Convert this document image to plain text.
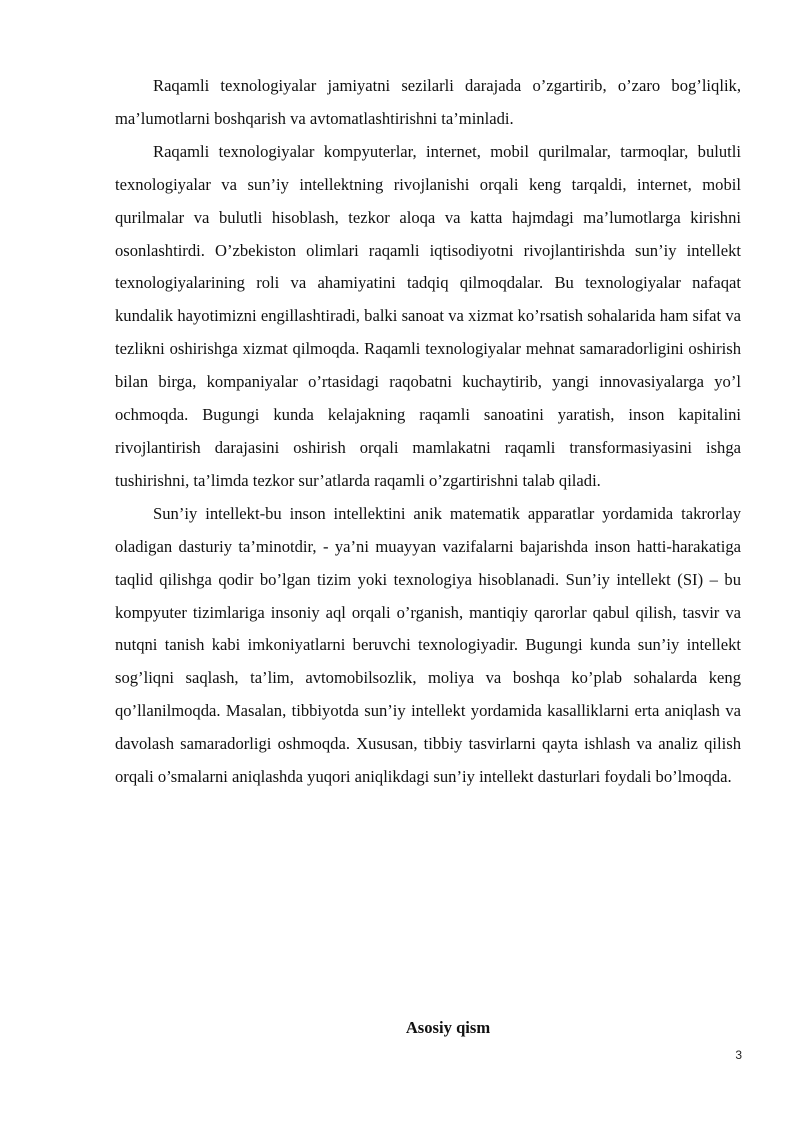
Raqamli texnologiyalar jamiyatni sezilarli darajada o’zgartirib, o’zaro bog’liqlik, ma’lumotlarni boshqarish va avtomatlashtirishni ta’minladi.

Raqamli texnologiyalar kompyuterlar, internet, mobil qurilmalar, tarmoqlar, bulutli texnologiyalar va sun’iy intellektning rivojlanishi orqali keng tarqaldi, internet, mobil qurilmalar va bulutli hisoblash, tezkor aloqa va katta hajmdagi ma’lumotlarga kirishni osonlashtirdi. O’zbekiston olimlari raqamli iqtisodiyotni rivojlantirishda sun’iy intellekt texnologiyalarining roli va ahamiyatini tadqiq qilmoqdalar. Bu texnologiyalar nafaqat kundalik hayotimizni engillashtiradi, balki sanoat va xizmat ko’rsatish sohalarida ham sifat va tezlikni oshirishga xizmat qilmoqda. Raqamli texnologiyalar mehnat samaradorligini oshirish bilan birga, kompaniyalar o’rtasidagi raqobatni kuchaytirib, yangi innovasiyalarga yo’l ochmoqda. Bugungi kunda kelajakning raqamli sanoatini yaratish, inson kapitalini rivojlantirish darajasini oshirish orqali mamlakatni raqamli transformasiyasini ishga tushirishni, ta’limda tezkor sur’atlarda raqamli o’zgartirishni talab qiladi.

Sun’iy intellekt-bu inson intellektini anik matematik apparatlar yordamida takrorlay oladigan dasturiy ta’minotdir, - ya’ni muayyan vazifalarni bajarishda inson hatti-harakatiga taqlid qilishga qodir bo’lgan tizim yoki texnologiya hisoblanadi. Sun’iy intellekt (SI) – bu kompyuter tizimlariga insoniy aql orqali o’rganish, mantiqiy qarorlar qabul qilish, tasvir va nutqni tanish kabi imkoniyatlarni beruvchi texnologiyadir. Bugungi kunda sun’iy intellekt sog’liqni saqlash, ta’lim, avtomobilsozlik, moliya va boshqa ko’plab sohalarda keng qo’llanilmoqda. Masalan, tibbiyotda sun’iy intellekt yordamida kasalliklarni erta aniqlash va davolash samaradorligi oshmoqda. Xususan, tibbiy tasvirlarni qayta ishlash va analiz qilish orqali o’smalarni aniqlashda yuqori aniqlikdagi sun’iy intellekt dasturlari foydali bo’lmoqda.

Asosiy qism
3
